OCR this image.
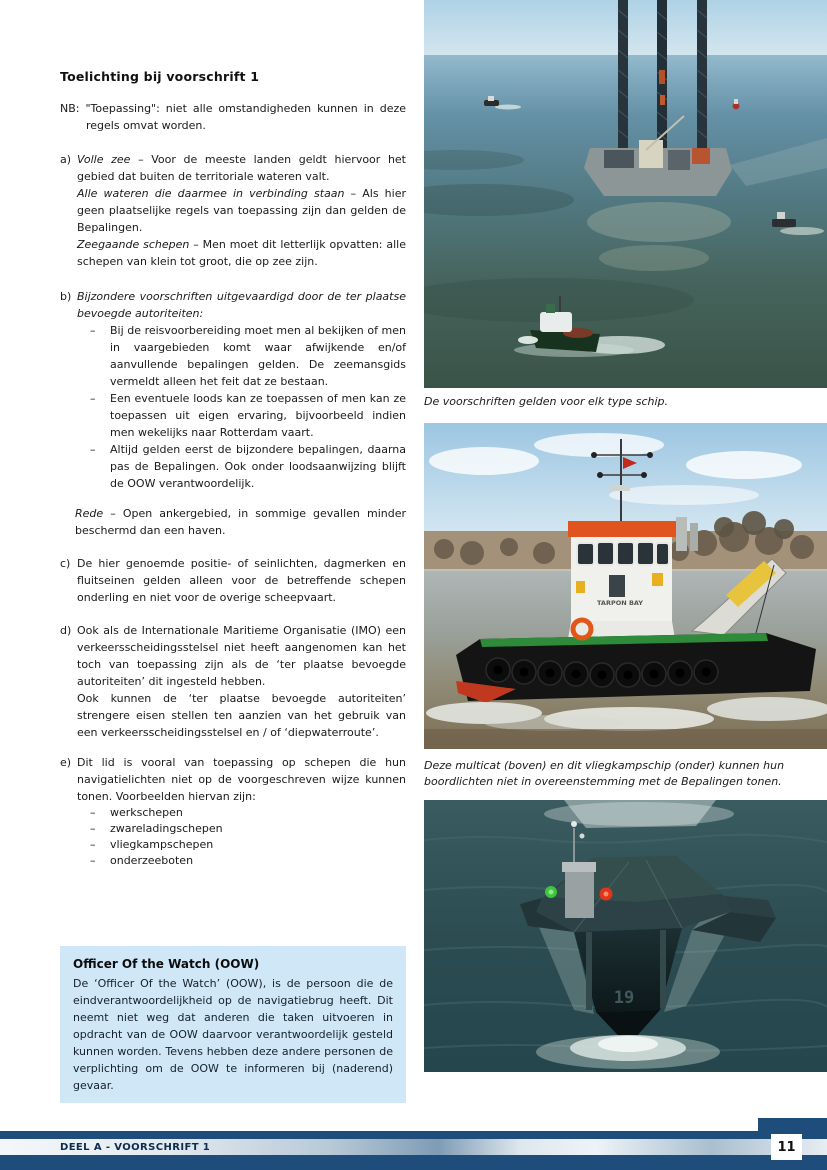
Toelichting bij voorschrift 1

NB: "Toepassing": niet alle omstandigheden kunnen in deze regels omvat worden.

a) Volle zee – Voor de meeste landen geldt hiervoor het gebied dat buiten de territoriale wateren valt.

Alle wateren die daarmee in verbinding staan – Als hier geen plaatselijke regels van toepassing zijn dan gelden de Bepalingen.

Zeegaande schepen – Men moet dit letterlijk opvatten: alle schepen van klein tot groot, die op zee zijn.

b) Bijzondere voorschriften uitgevaardigd door de ter plaatse bevoegde autoriteiten:

–	Bij de reisvoorbereiding moet men al bekijken of men in vaargebieden komt waar afwijkende en/of aanvullende bepalingen gelden. De zeemansgids vermeldt alleen het feit dat ze bestaan.
–	Een eventuele loods kan ze toepassen of men kan ze toepassen uit eigen ervaring, bijvoorbeeld indien men wekelijks naar Rotterdam vaart.
–	Altijd gelden eerst de bijzondere bepalingen, daarna pas de Bepalingen. Ook onder loodsaanwijzing blijft de OOW verantwoordelijk.

Rede – Open ankergebied, in sommige gevallen minder beschermd dan een haven.

c) De hier genoemde positie- of seinlichten, dagmerken en fluitseinen gelden alleen voor de betreffende schepen onderling en niet voor de overige scheepvaart.

d) Ook als de Internationale Maritieme Organisatie (IMO) een verkeersscheidingsstelsel niet heeft aangenomen kan het toch van toepassing zijn als de ‘ter plaatse bevoegde autoriteiten’ dit ingesteld hebben.

Ook kunnen de ‘ter plaatse bevoegde autoriteiten’ strengere eisen stellen ten aanzien van het gebruik van een verkeersscheidingsstelsel en / of ‘diepwaterroute’.

e) Dit lid is vooral van toepassing op schepen die hun navigatielichten niet op de voorgeschreven wijze kunnen tonen. Voorbeelden hiervan zijn:

–	werkschepen
–	zwareladingschepen
–	vliegkampschepen
–	onderzeeboten
Officer Of the Watch (OOW)

De ‘Officer Of the Watch’ (OOW), is de persoon die de eindverantwoordelijkheid op de navigatiebrug heeft. Dit neemt niet weg dat anderen die taken uitvoeren in opdracht van de OOW daarvoor verantwoordelijk gesteld kunnen worden. Tevens hebben deze andere personen de verplichting om de OOW te informeren bij (naderend) gevaar.

De voorschriften gelden voor elk type schip.
TARPON BAY
Deze multicat (boven) en dit vliegkampschip (onder) kunnen hun boordlichten niet in overeenstemming met de Bepalingen tonen.
19
DEEL A - VOORSCHRIFT 1	11
